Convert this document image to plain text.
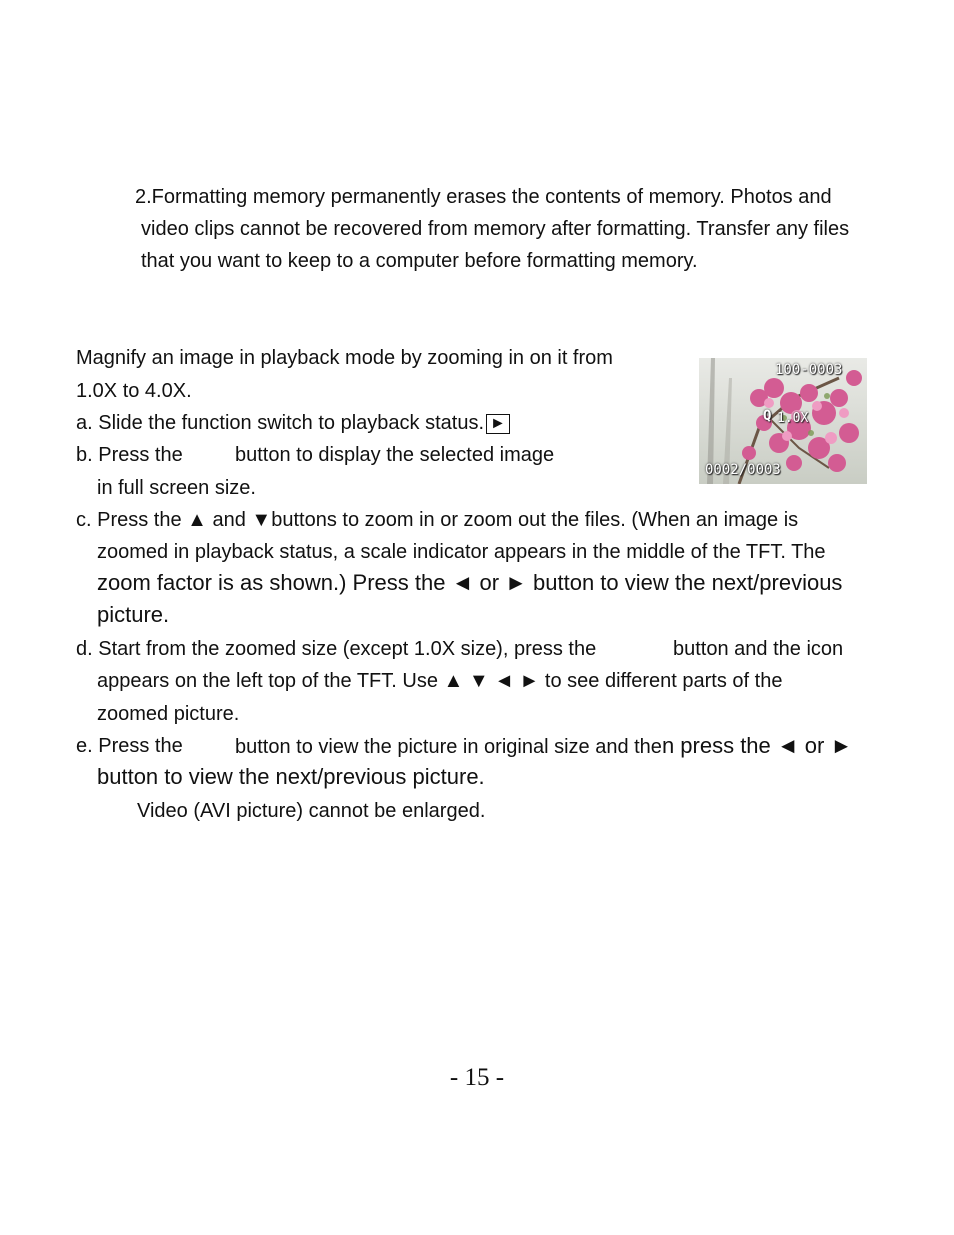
2.Formatting memory permanently erases the contents of memory. Photos and
video clips cannot be recovered from memory after formatting. Transfer any files
that you want to keep to a computer before formatting memory.
Magnify an image in playback mode by zooming in on it from
1.0X to 4.0X.
a. Slide the function switch to playback status. ►
b. Press the	button to display the selected image
in full screen size.
c. Press the ▲ and ▼buttons to zoom in or zoom out the files. (When an image is
zoomed in playback status, a scale indicator appears in the middle of the TFT. The
zoom factor is as shown.) Press the ◄ or ► button to view the next/previous
picture.
d. Start from the zoomed size (except 1.0X size), press the	button and the icon
appears on the left top of the TFT. Use ▲ ▼ ◄ ► to see different parts of the
zoomed picture.
e. Press the	button to view the picture in original size and then press the ◄ or ►
button to view the next/previous picture.
Video (AVI picture) cannot be enlarged.
100-0003
Q 1.0X
0002/0003
- 15 -
